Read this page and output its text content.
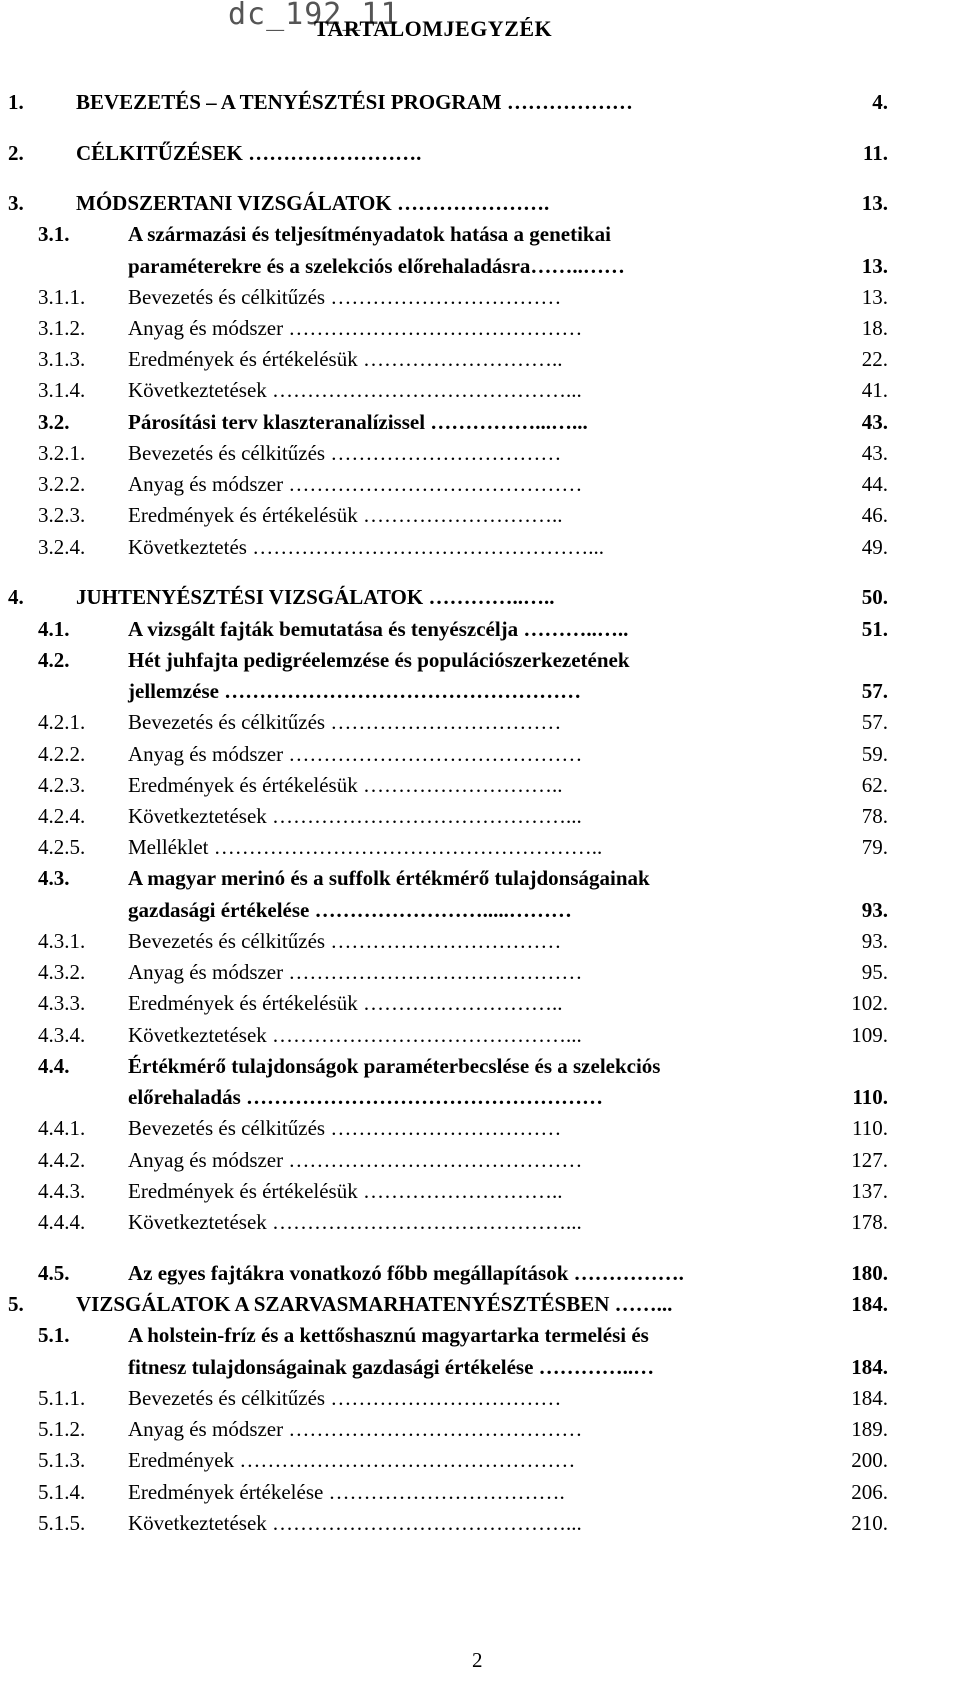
dc_192_11
TARTALOMJEGYZÉK
1. BEVEZETÉS – A TENYÉSZTÉSI PROGRAM ………………	4.
2. CÉLKITŰZÉSEK …………………….	11.
3. MÓDSZERTANI VIZSGÁLATOK ………………….	13.
3.1.	A származási és teljesítményadatok hatása a genetikai
paraméterekre és a szelekciós előrehaladásra……..……	13.
3.1.1. Bevezetés és célkitűzés ……………………………	13.
3.1.2. Anyag és módszer ……………………………………	18.
3.1.3. Eredmények és értékelésük ………………………..	22.
3.1.4. Következtetések ……………………………………...	41.
3.2.	Párosítási terv klaszteranalízissel ……………...…...	43.
3.2.1. Bevezetés és célkitűzés ……………………………	43.
3.2.2. Anyag és módszer ……………………………………	44.
3.2.3. Eredmények és értékelésük ………………………..	46.
3.2.4. Következtetés …………………………………………...	49.
4. JUHTENYÉSZTÉSI VIZSGÁLATOK …………..…..	50.
4.1.	A vizsgált fajták bemutatása és tenyészcélja ………..…..	51.
4.2.	Hét juhfajta pedigréelemzése és populációszerkezetének
jellemzése ……………………………………………	57.
4.2.1. Bevezetés és célkitűzés ……………………………	57.
4.2.2. Anyag és módszer ……………………………………	59.
4.2.3. Eredmények és értékelésük ………………………..	62.
4.2.4. Következtetések ……………………………………...	78.
4.2.5. Melléklet ………………………………………………..	79.
4.3.	A magyar merinó és a suffolk értékmérő tulajdonságainak
gazdasági értékelése …………………….....………	93.
4.3.1. Bevezetés és célkitűzés ……………………………	93.
4.3.2. Anyag és módszer ……………………………………	95.
4.3.3. Eredmények és értékelésük ………………………..	102.
4.3.4. Következtetések ……………………………………...	109.
4.4.	Értékmérő tulajdonságok paraméterbecslése és a szelekciós
előrehaladás ……………………………………………	110.
4.4.1. Bevezetés és célkitűzés ……………………………	110.
4.4.2. Anyag és módszer ……………………………………	127.
4.4.3. Eredmények és értékelésük ………………………..	137.
4.4.4. Következtetések ……………………………………...	178.
4.5.	Az egyes fajtákra vonatkozó főbb megállapítások …………….	180.
5. VIZSGÁLATOK A SZARVASMARHATENYÉSZTÉSBEN ……...	184.
5.1.	A holstein-fríz és a kettőshasznú magyartarka termelési és
fitnesz tulajdonságainak gazdasági értékelése …………..…	184.
5.1.1. Bevezetés és célkitűzés ……………………………	184.
5.1.2. Anyag és módszer ……………………………………	189.
5.1.3. Eredmények …………………………………………	200.
5.1.4. Eredmények értékelése …………………………….	206.
5.1.5. Következtetések ……………………………………...	210.
2
